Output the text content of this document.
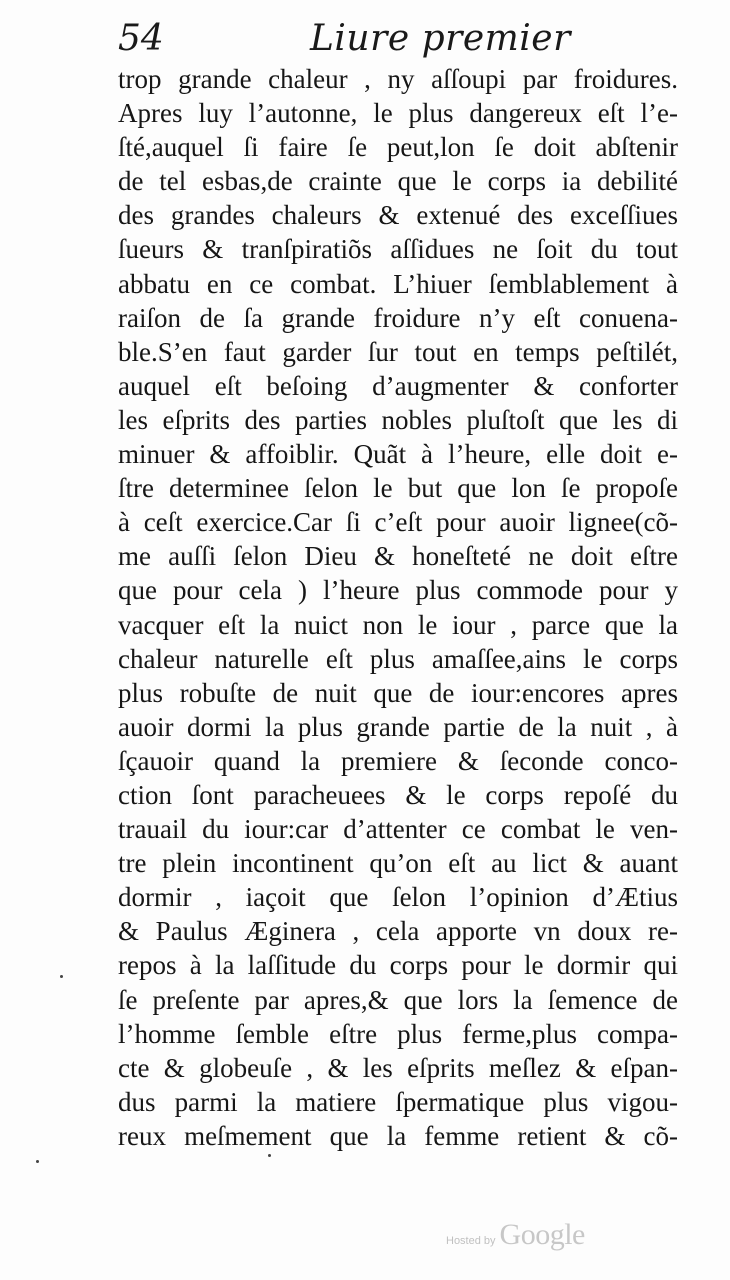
54	Liure premier
trop grande chaleur , ny aſſoupi par froidures.
Apres luy l’autonne, le plus dangereux eſt l’e-
ſté,auquel ſi faire ſe peut,lon ſe doit abſtenir
de tel esbas,de crainte que le corps ia debilité
des grandes chaleurs & extenué des exceſſiues
ſueurs & tranſpiratiõs aſſidues ne ſoit du tout
abbatu en ce combat. L’hiuer ſemblablement à
raiſon de ſa grande froidure n’y eſt conuena-
ble.S’en faut garder ſur tout en temps peſtilét,
auquel eſt beſoing d’augmenter & conforter
les eſprits des parties nobles pluſtoſt que les di
minuer & affoiblir. Quãt à l’heure, elle doit e-
ſtre determinee ſelon le but que lon ſe propoſe
à ceſt exercice.Car ſi c’eſt pour auoir lignee(cõ-
me auſſi ſelon Dieu & honeſteté ne doit eſtre
que pour cela ) l’heure plus commode pour y
vacquer eſt la nuict non le iour , parce que la
chaleur naturelle eſt plus amaſſee,ains le corps
plus robuſte de nuit que de iour:encores apres
auoir dormi la plus grande partie de la nuit , à
ſçauoir quand la premiere & ſeconde conco-
ction ſont paracheuees & le corps repoſé du
trauail du iour:car d’attenter ce combat le ven-
tre plein incontinent qu’on eſt au lict & auant
dormir , iaçoit que ſelon l’opinion d’Ætius
& Paulus Æginera , cela apporte vn doux re-
repos à la laſſitude du corps pour le dormir qui
ſe preſente par apres,& que lors la ſemence de
l’homme ſemble eſtre plus ferme,plus compa-
cte & globeuſe , & les eſprits meſlez & eſpan-
dus parmi la matiere ſpermatique plus vigou-
reux meſmement que la femme retient & cõ-
Hosted by Google
